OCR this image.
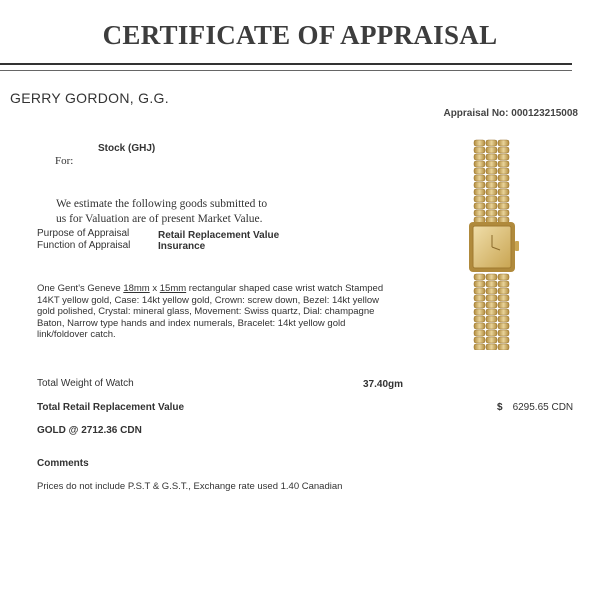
CERTIFICATE OF APPRAISAL
GERRY GORDON, G.G.
Appraisal No: 000123215008
Stock (GHJ)
For:
We estimate the following goods submitted to
us for Valuation are of present Market Value.
Purpose of Appraisal	Retail Replacement Value
Function of Appraisal	Insurance
One Gent's Geneve 18mm x 15mm rectangular shaped case wrist watch Stamped 14KT yellow gold, Case: 14kt yellow gold, Crown: screw down, Bezel: 14kt yellow gold polished, Crystal: mineral glass, Movement: Swiss quartz, Dial: champagne Baton, Narrow type hands and index numerals, Bracelet: 14kt yellow gold link/foldover catch.
Total Weight of Watch	37.40gm
Total Retail Replacement Value	$ 6295.65 CDN
GOLD @ 2712.36 CDN
Comments
Prices do not include P.S.T & G.S.T., Exchange rate used 1.40 Canadian
